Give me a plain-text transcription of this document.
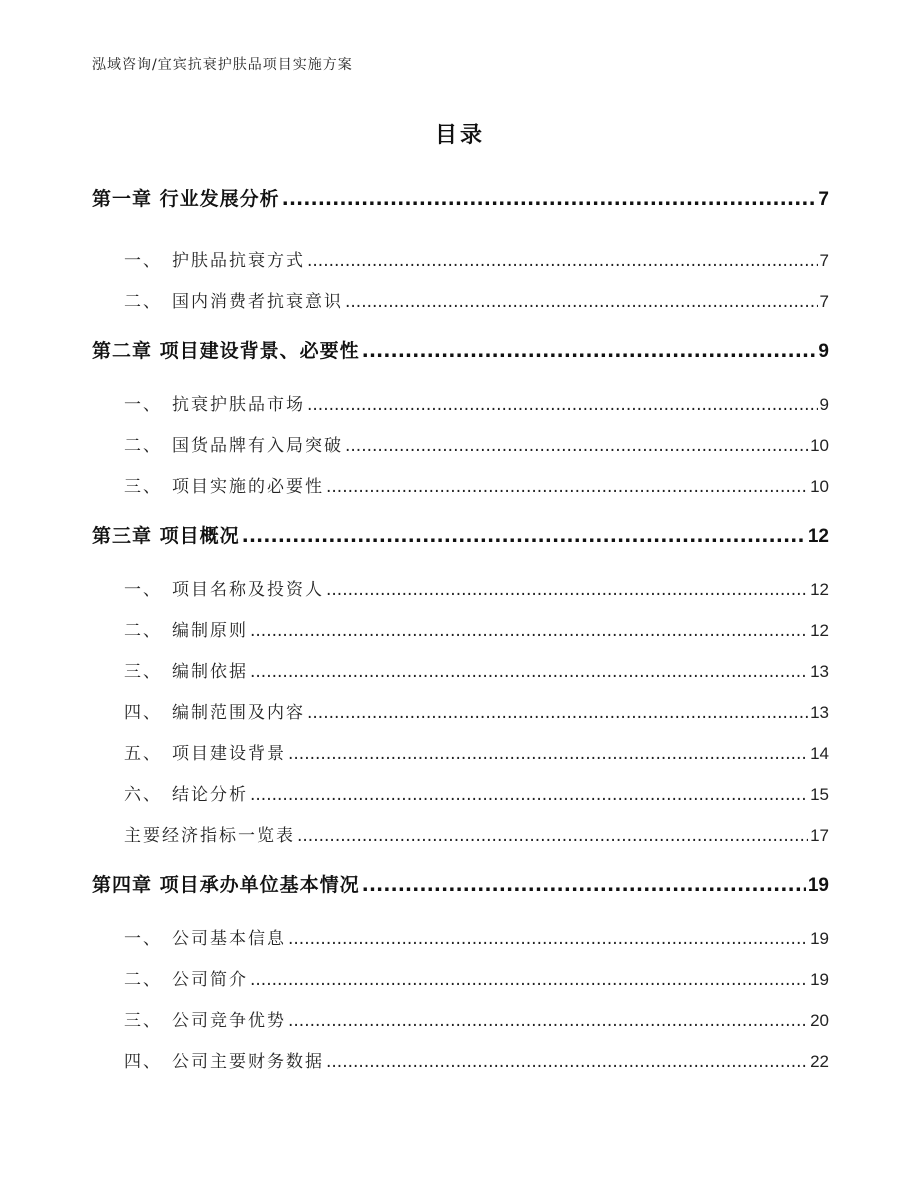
泓域咨询/宜宾抗衰护肤品项目实施方案
目录
第一章 行业发展分析 .....	7
一、 护肤品抗衰方式 .....	7
二、 国内消费者抗衰意识 .....	7
第二章 项目建设背景、必要性 .....	9
一、 抗衰护肤品市场 .....	9
二、 国货品牌有入局突破 .....	10
三、 项目实施的必要性 .....	10
第三章 项目概况 .....	12
一、 项目名称及投资人 .....	12
二、 编制原则 .....	12
三、 编制依据 .....	13
四、 编制范围及内容 .....	13
五、 项目建设背景 .....	14
六、 结论分析 .....	15
主要经济指标一览表 .....	17
第四章 项目承办单位基本情况 .....	19
一、 公司基本信息 .....	19
二、 公司简介 .....	19
三、 公司竞争优势 .....	20
四、 公司主要财务数据 .....	22
